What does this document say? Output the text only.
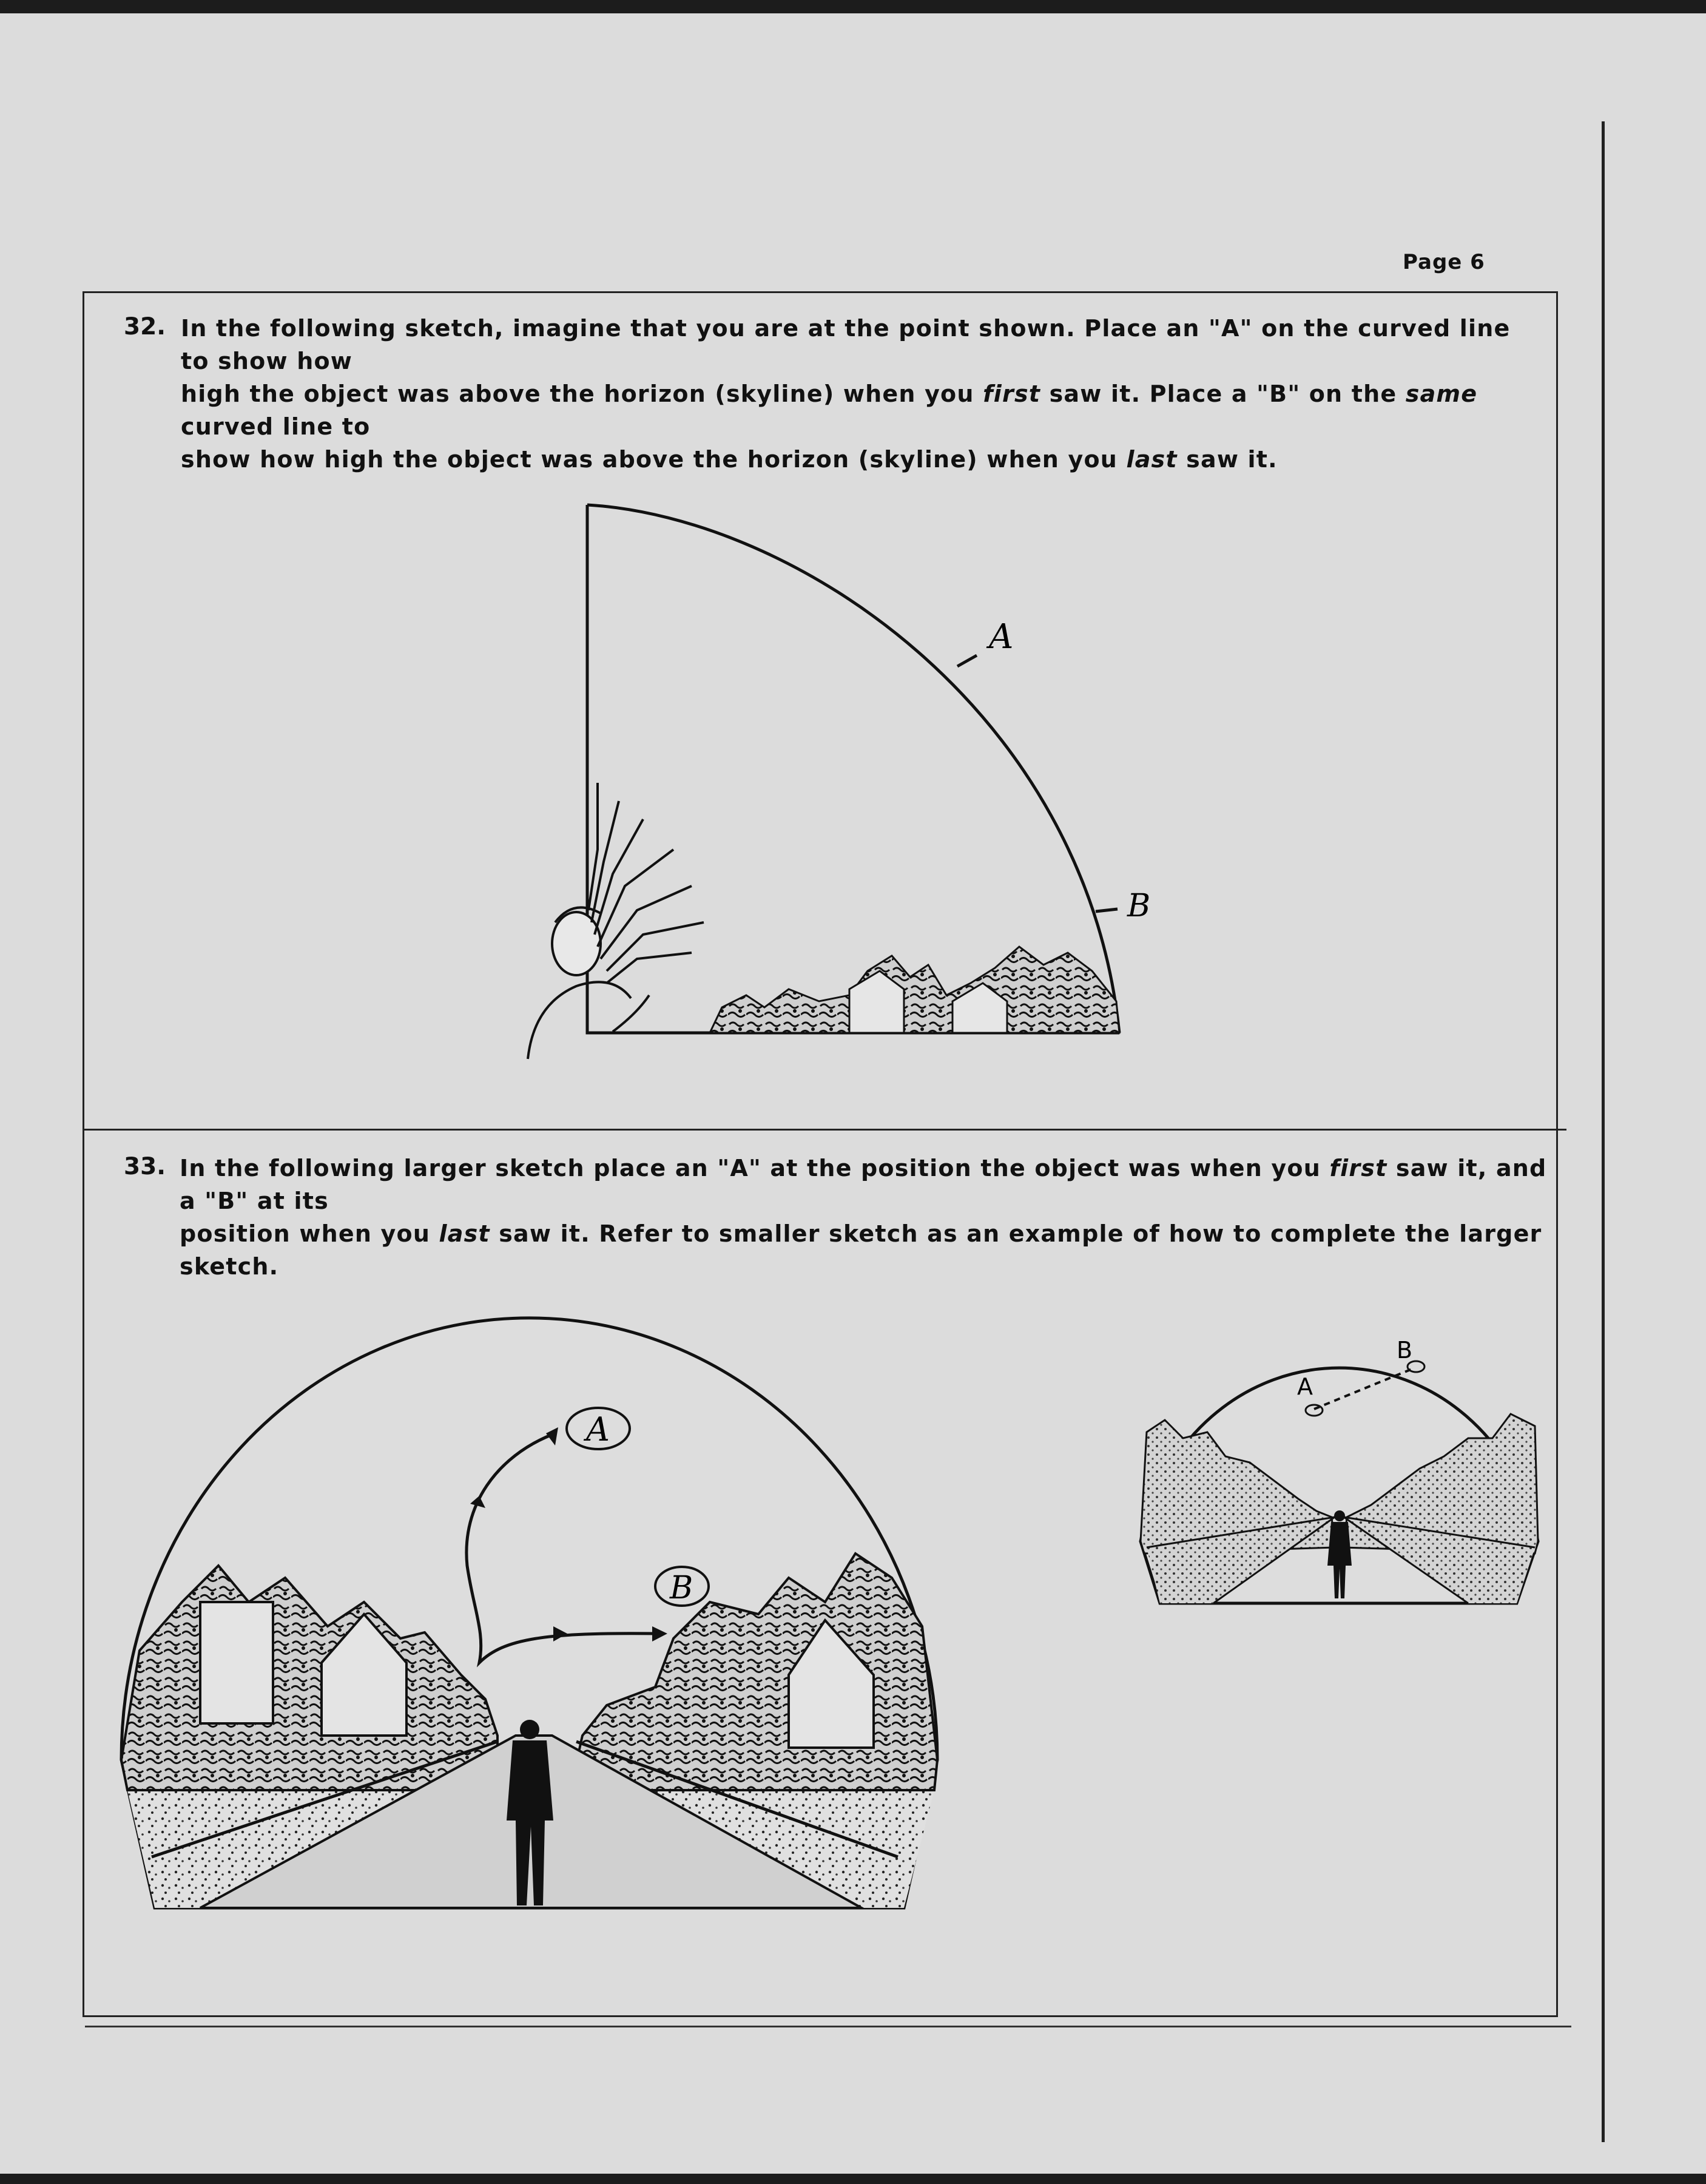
Page 6
32. In the following sketch, imagine that you are at the point shown. Place an "A" on the curved line to show how
high the object was above the horizon (skyline) when you first saw it. Place a "B" on the same curved line to
show how high the object was above the horizon (skyline) when you last saw it.
33. In the following larger sketch place an "A" at the position the object was when you first saw it, and a "B" at its
position when you last saw it. Refer to smaller sketch as an example of how to complete the larger sketch.
A
B
A
B
A
B
